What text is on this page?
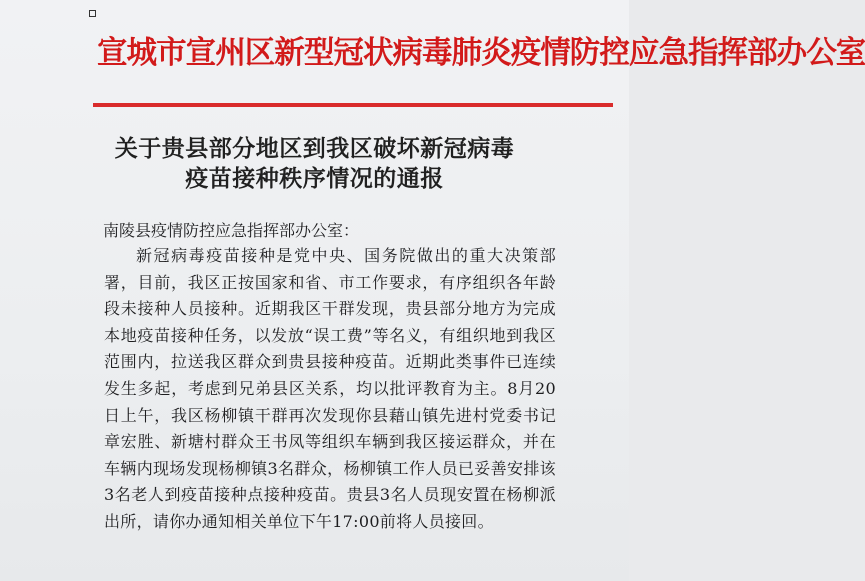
宣城市宣州区新型冠状病毒肺炎疫情防控应急指挥部办公室
关于贵县部分地区到我区破坏新冠病毒
疫苗接种秩序情况的通报
南陵县疫情防控应急指挥部办公室：
新冠病毒疫苗接种是党中央、国务院做出的重大决策部署，目前，我区正按国家和省、市工作要求，有序组织各年龄段未接种人员接种。近期我区干群发现，贵县部分地方为完成本地疫苗接种任务，以发放“误工费”等名义，有组织地到我区范围内，拉送我区群众到贵县接种疫苗。近期此类事件已连续发生多起，考虑到兄弟县区关系，均以批评教育为主。8月20日上午，我区杨柳镇干群再次发现你县藉山镇先进村党委书记章宏胜、新塘村群众王书凤等组织车辆到我区接运群众，并在车辆内现场发现杨柳镇3名群众，杨柳镇工作人员已妥善安排该3名老人到疫苗接种点接种疫苗。贵县3名人员现安置在杨柳派出所，请你办通知相关单位下午17:00前将人员接回。
